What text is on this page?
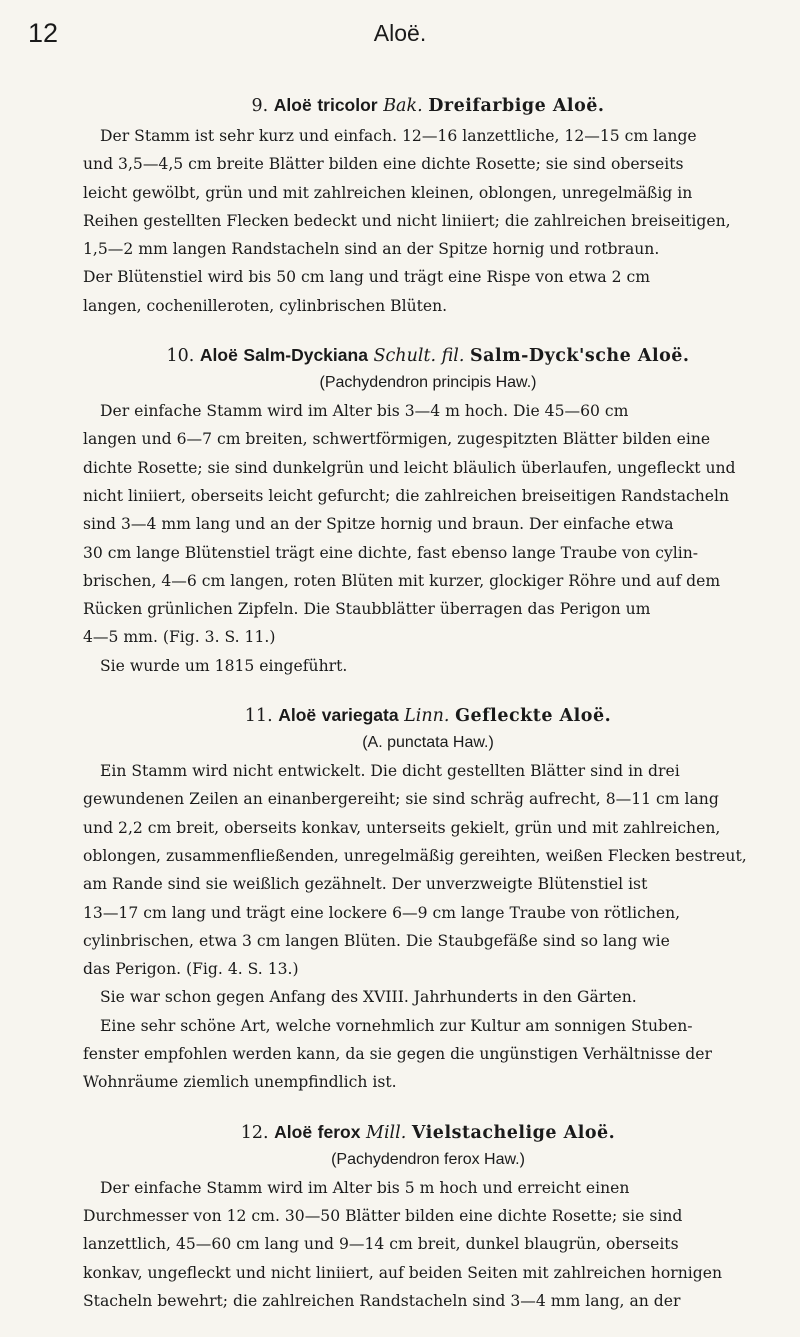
12	Aloë.
9. Aloë tricolor Bak. Dreifarbige Aloë.
Der Stamm ist sehr kurz und einfach. 12—16 lanzettliche, 12—15 cm lange
und 3,5—4,5 cm breite Blätter bilden eine dichte Rosette; sie sind oberseits
leicht gewölbt, grün und mit zahlreichen kleinen, oblongen, unregelmäßig in
Reihen gestellten Flecken bedeckt und nicht liniiert; die zahlreichen breiseitigen,
1,5—2 mm langen Randstacheln sind an der Spitze hornig und rotbraun.
Der Blütenstiel wird bis 50 cm lang und trägt eine Rispe von etwa 2 cm
langen, cochenilleroten, cylinbrischen Blüten.
10. Aloë Salm-Dyckiana Schult. fil. Salm-Dyck'sche Aloë.
(Pachydendron principis Haw.)
Der einfache Stamm wird im Alter bis 3—4 m hoch. Die 45—60 cm
langen und 6—7 cm breiten, schwertförmigen, zugespitzten Blätter bilden eine
dichte Rosette; sie sind dunkelgrün und leicht bläulich überlaufen, ungefleckt und
nicht liniiert, oberseits leicht gefurcht; die zahlreichen breiseitigen Randstacheln
sind 3—4 mm lang und an der Spitze hornig und braun. Der einfache etwa
30 cm lange Blütenstiel trägt eine dichte, fast ebenso lange Traube von cylin-
brischen, 4—6 cm langen, roten Blüten mit kurzer, glockiger Röhre und auf dem
Rücken grünlichen Zipfeln. Die Staubblätter überragen das Perigon um
4—5 mm. (Fig. 3. S. 11.)
Sie wurde um 1815 eingeführt.
11. Aloë variegata Linn. Gefleckte Aloë.
(A. punctata Haw.)
Ein Stamm wird nicht entwickelt. Die dicht gestellten Blätter sind in drei
gewundenen Zeilen an einanbergereiht; sie sind schräg aufrecht, 8—11 cm lang
und 2,2 cm breit, oberseits konkav, unterseits gekielt, grün und mit zahlreichen,
oblongen, zusammenfließenden, unregelmäßig gereihten, weißen Flecken bestreut,
am Rande sind sie weißlich gezähnelt. Der unverzweigte Blütenstiel ist
13—17 cm lang und trägt eine lockere 6—9 cm lange Traube von rötlichen,
cylinbrischen, etwa 3 cm langen Blüten. Die Staubgefäße sind so lang wie
das Perigon. (Fig. 4. S. 13.)
Sie war schon gegen Anfang des XVIII. Jahrhunderts in den Gärten.
Eine sehr schöne Art, welche vornehmlich zur Kultur am sonnigen Stuben-
fenster empfohlen werden kann, da sie gegen die ungünstigen Verhältnisse der
Wohnräume ziemlich unempfindlich ist.
12. Aloë ferox Mill. Vielstachelige Aloë.
(Pachydendron ferox Haw.)
Der einfache Stamm wird im Alter bis 5 m hoch und erreicht einen
Durchmesser von 12 cm. 30—50 Blätter bilden eine dichte Rosette; sie sind
lanzettlich, 45—60 cm lang und 9—14 cm breit, dunkel blaugrün, oberseits
konkav, ungefleckt und nicht liniiert, auf beiden Seiten mit zahlreichen hornigen
Stacheln bewehrt; die zahlreichen Randstacheln sind 3—4 mm lang, an der
